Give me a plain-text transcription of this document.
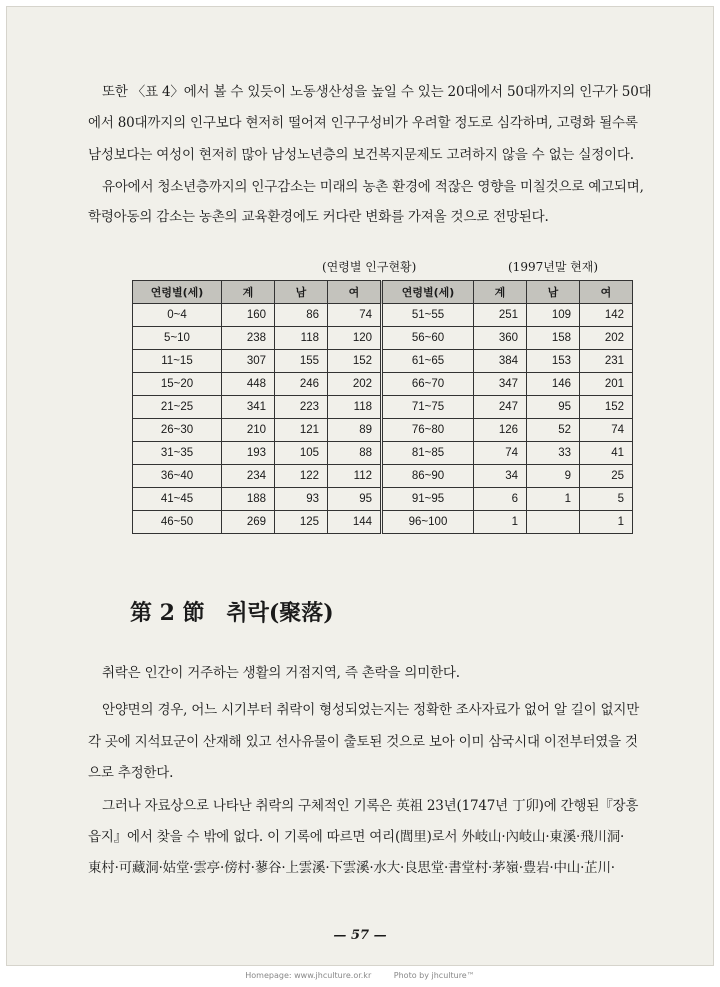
또한 〈표 4〉에서 볼 수 있듯이 노동생산성을 높일 수 있는 20대에서 50대까지의 인구가 50대
에서 80대까지의 인구보다 현저히 떨어져 인구구성비가 우려할 정도로 심각하며, 고령화 될수록
남성보다는 여성이 현저히 많아 남성노년층의 보건복지문제도 고려하지 않을 수 없는 실정이다.
유아에서 청소년층까지의 인구감소는 미래의 농촌 환경에 적잖은 영향을 미칠것으로 예고되며,
학령아동의 감소는 농촌의 교육환경에도 커다란 변화를 가져올 것으로 전망된다.
(연령별 인구현황)	(1997년말 현재)
연령별(세)	계	남	여	연령별(세)	계	남	여
0~4	160	86	74	51~55	251	109	142
5~10	238	118	120	56~60	360	158	202
11~15	307	155	152	61~65	384	153	231
15~20	448	246	202	66~70	347	146	201
21~25	341	223	118	71~75	247	95	152
26~30	210	121	89	76~80	126	52	74
31~35	193	105	88	81~85	74	33	41
36~40	234	122	112	86~90	34	9	25
41~45	188	93	95	91~95	6	1	5
46~50	269	125	144	96~100	1		1
第 2 節 취락(聚落)
취락은 인간이 거주하는 생활의 거점지역, 즉 촌락을 의미한다.
안양면의 경우, 어느 시기부터 취락이 형성되었는지는 정확한 조사자료가 없어 알 길이 없지만
각 곳에 지석묘군이 산재해 있고 선사유물이 출토된 것으로 보아 이미 삼국시대 이전부터였을 것
으로 추정한다.
그러나 자료상으로 나타난 취락의 구체적인 기록은 英祖 23년(1747년 丁卯)에 간행된『장흥
읍지』에서 찾을 수 밖에 없다. 이 기록에 따르면 여리(閭里)로서 外岐山·內岐山·東溪·飛川洞·
東村·可藏洞·姑堂·雲亭·傍村·蓼谷·上雲溪·下雲溪·水大·良思堂·書堂村·茅嶺·豊岩·中山·芷川·
— 57 —
Homepage: www.jhculture.or.kr	Photo by jhculture™
